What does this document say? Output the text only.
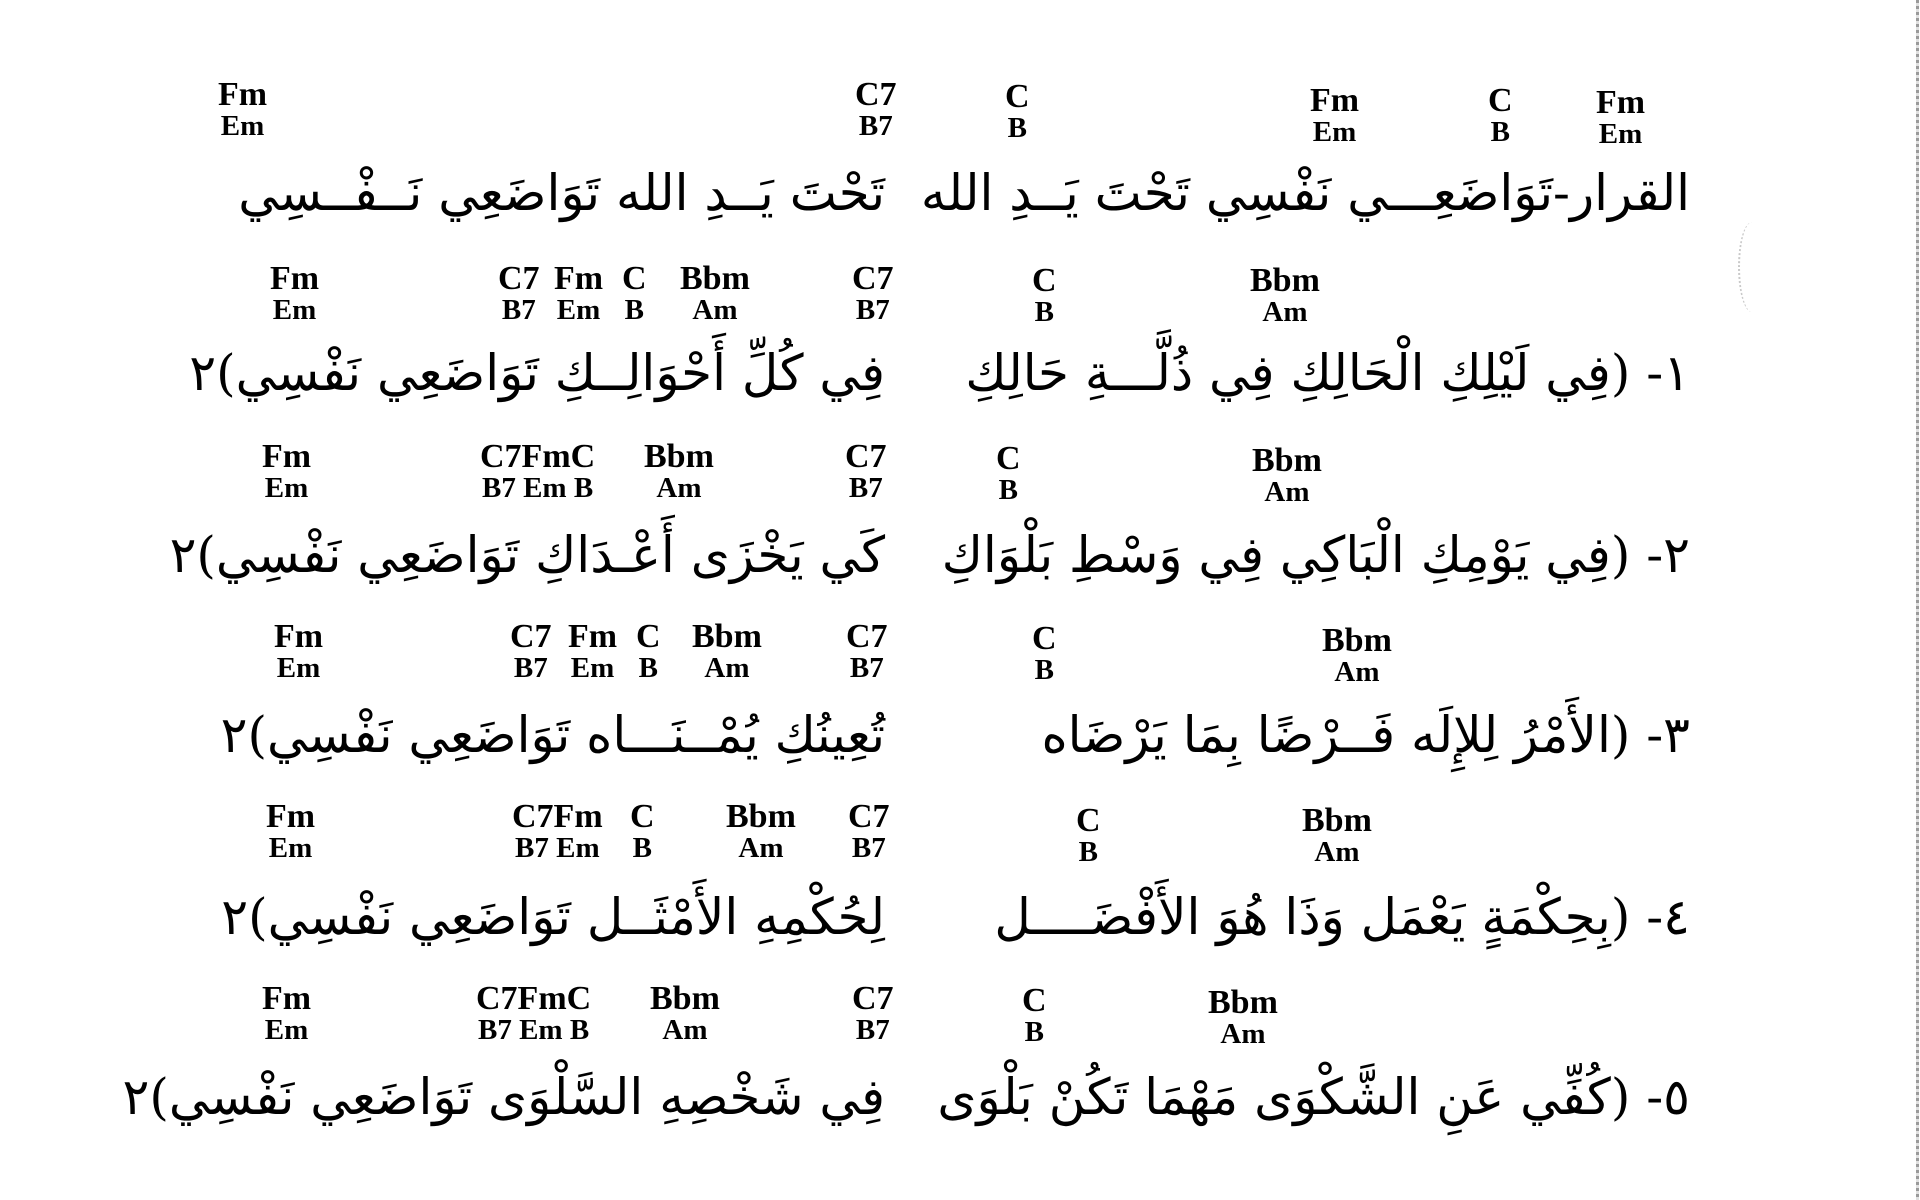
Fm
Em
C7
B7
C
B
Fm
Em
C
B
Fm
Em
القرار-تَوَاضَعِـــي نَفْسِي تَحْتَ يَــدِ الله
تَحْتَ يَــدِ الله تَوَاضَعِي نَــفْــسِي
Fm
Em
C7
B7
Fm
Em
C
B
Bbm
Am
C7
B7
C
B
Bbm
Am
١- (فِي لَيْلِكِ الْحَالِكِ فِي ذُلَّـــةِ حَالِكِ
فِي كُلِّ أَحْوَالِــكِ تَوَاضَعِي نَفْسِي)٢
Fm
Em
C7FmC
B7 Em B
Bbm
Am
C7
B7
C
B
Bbm
Am
٢- (فِي يَوْمِكِ الْبَاكِي فِي وَسْطِ بَلْوَاكِ
كَي يَخْزَى أَعْـدَاكِ تَوَاضَعِي نَفْسِي)٢
Fm
Em
C7
B7
Fm
Em
C
B
Bbm
Am
C7
B7
C
B
Bbm
Am
٣- (الأَمْرُ لِلإِلَه فَــرْضًا بِمَا يَرْضَاه
تُعِينُكِ يُمْــنَـــاه تَوَاضَعِي نَفْسِي)٢
Fm
Em
C7Fm
B7 Em
C
B
Bbm
Am
C7
B7
C
B
Bbm
Am
٤- (بِحِكْمَةٍ يَعْمَل وَذَا هُوَ الأَفْضَــــل
لِحُكْمِهِ الأَمْثَــل تَوَاضَعِي نَفْسِي)٢
Fm
Em
C7FmC
B7 Em B
Bbm
Am
C7
B7
C
B
Bbm
Am
٥- (كُفِّي عَنِ الشَّكْوَى مَهْمَا تَكُنْ بَلْوَى
فِي شَخْصِهِ السَّلْوَى تَوَاضَعِي نَفْسِي)٢
